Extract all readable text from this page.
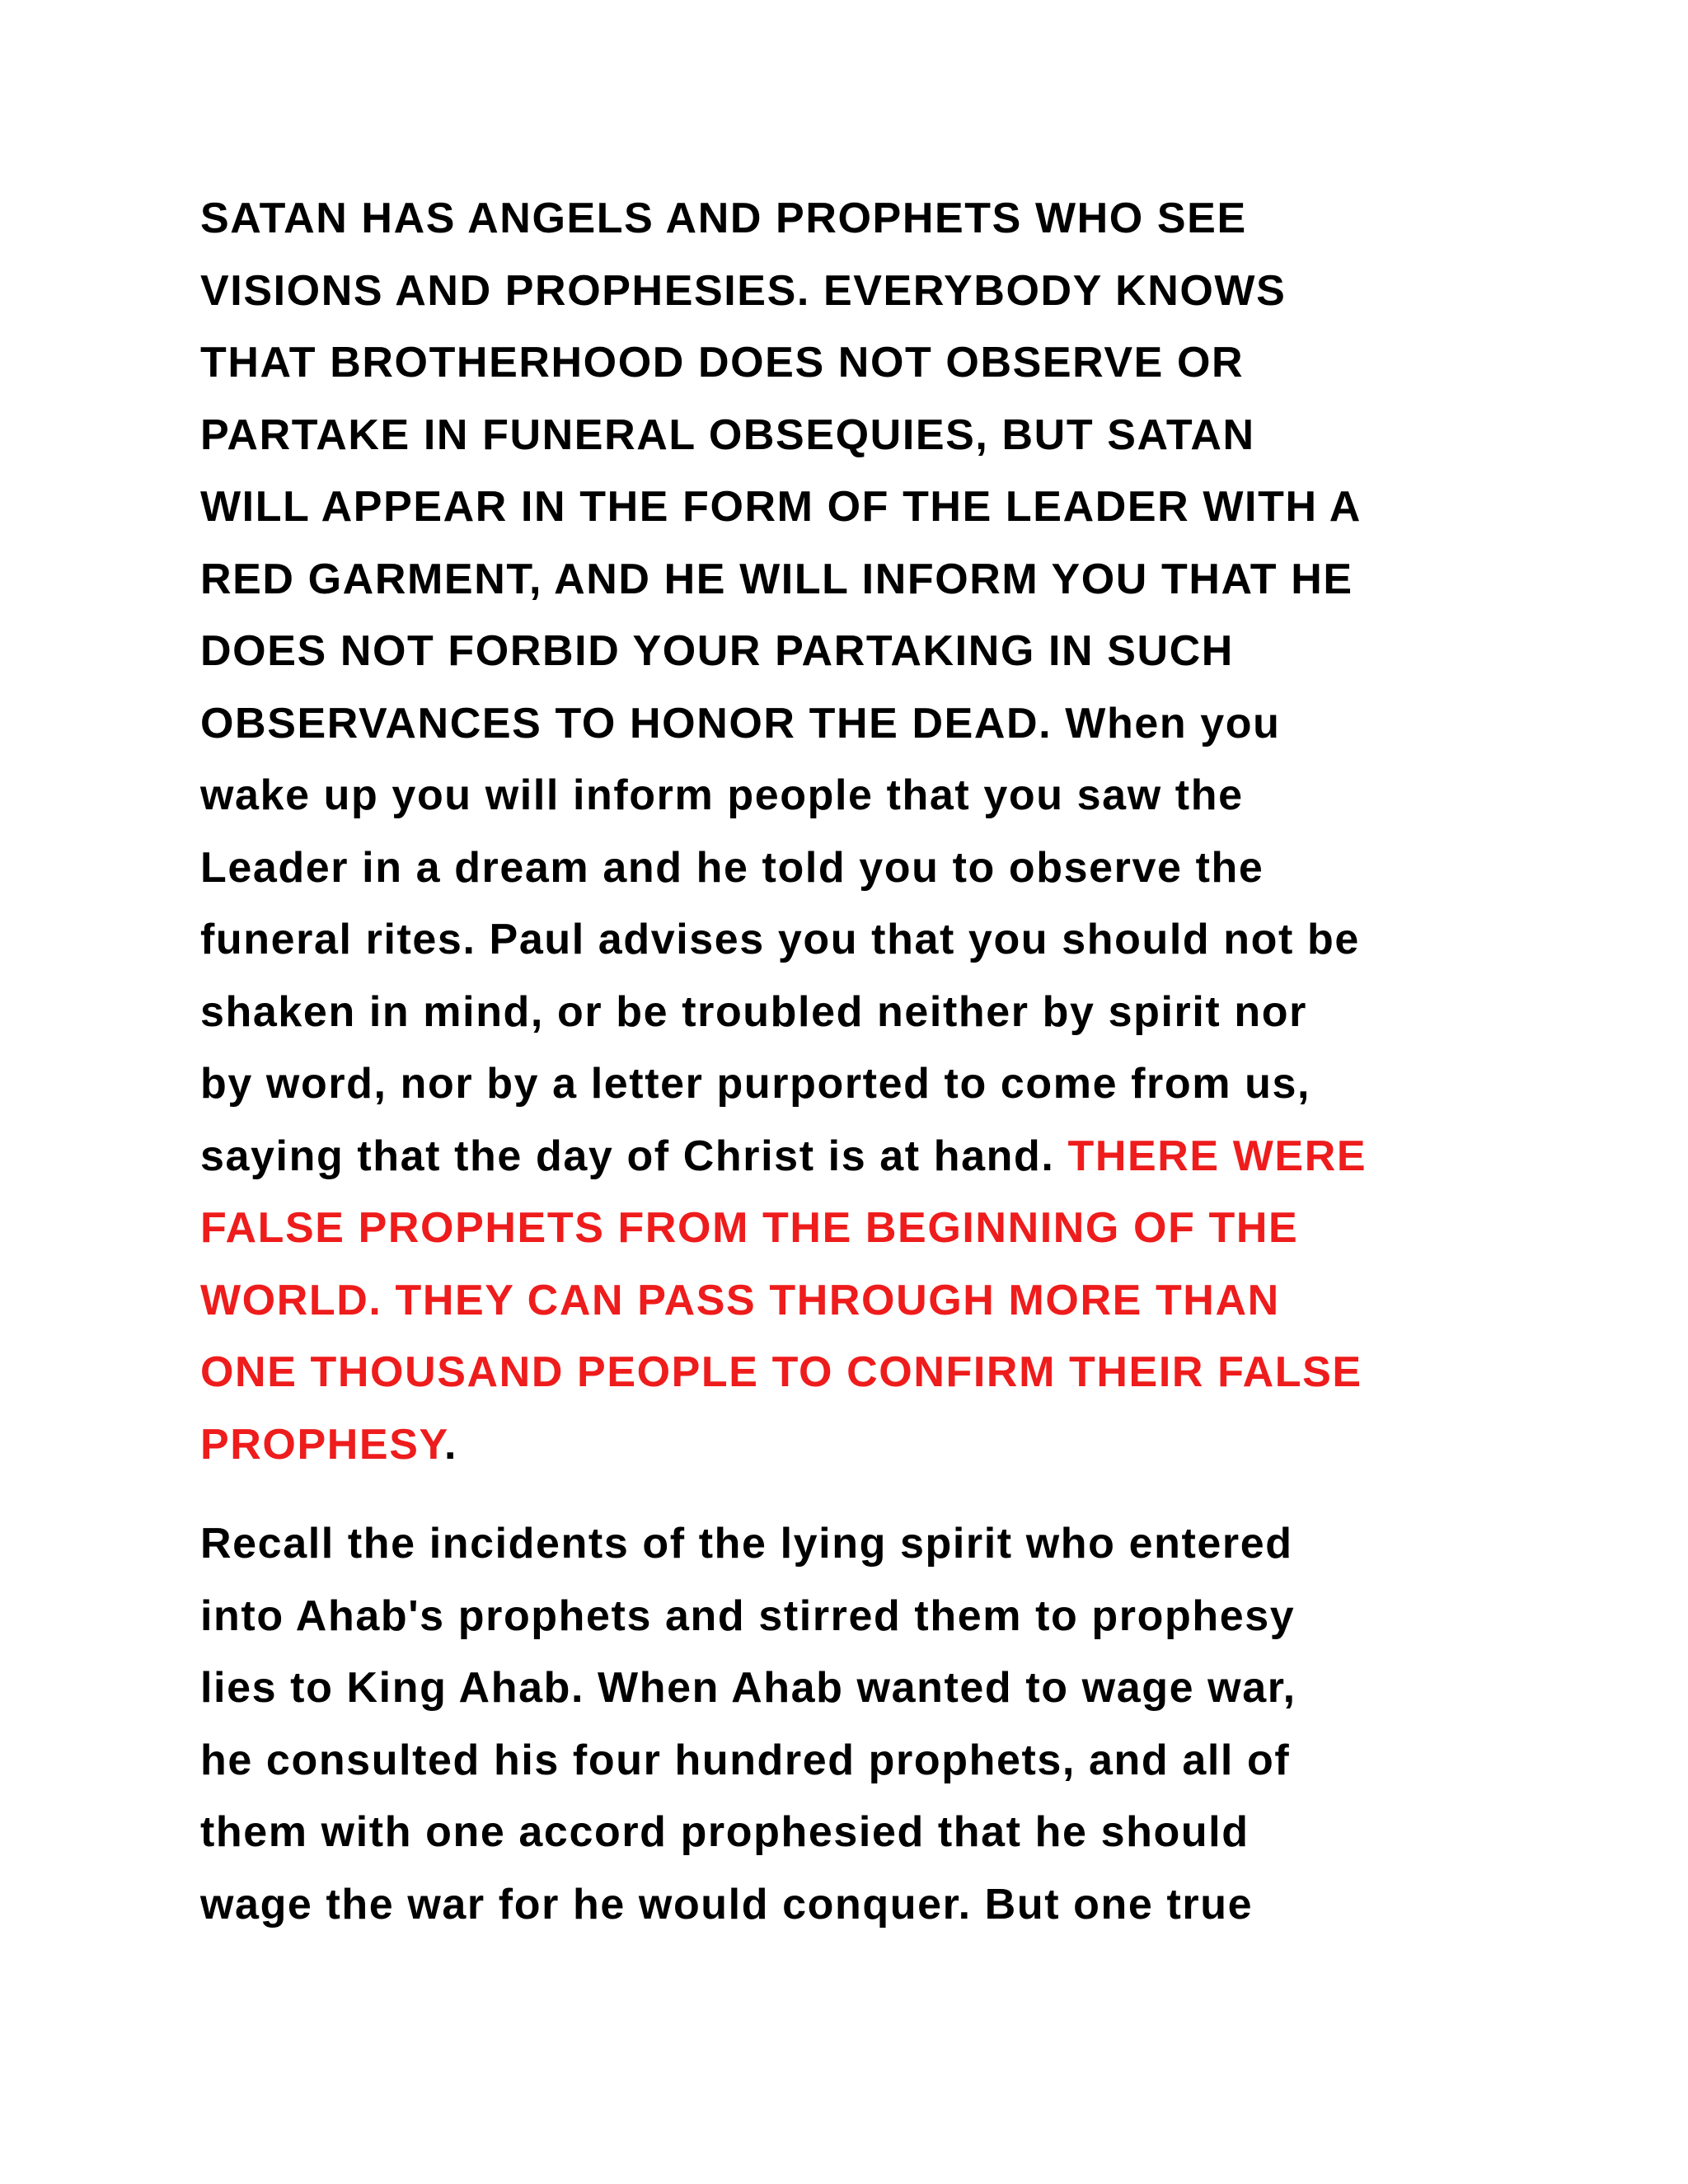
SATAN HAS ANGELS AND PROPHETS WHO SEE
VISIONS AND PROPHESIES. EVERYBODY KNOWS
THAT BROTHERHOOD DOES NOT OBSERVE OR
PARTAKE IN FUNERAL OBSEQUIES, BUT SATAN
WILL APPEAR IN THE FORM OF THE LEADER WITH A
RED GARMENT, AND HE WILL INFORM YOU THAT HE
DOES NOT FORBID YOUR PARTAKING IN SUCH
OBSERVANCES TO HONOR THE DEAD. When you
wake up you will inform people that you saw the
Leader in a dream and he told you to observe the
funeral rites. Paul advises you that you should not be
shaken in mind, or be troubled neither by spirit nor
by word, nor by a letter purported to come from us,
saying that the day of Christ is at hand. THERE WERE
FALSE PROPHETS FROM THE BEGINNING OF THE
WORLD. THEY CAN PASS THROUGH MORE THAN
ONE THOUSAND PEOPLE TO CONFIRM THEIR FALSE
PROPHESY.

Recall the incidents of the lying spirit who entered
into Ahab's prophets and stirred them to prophesy
lies to King Ahab. When Ahab wanted to wage war,
he consulted his four hundred prophets, and all of
them with one accord prophesied that he should
wage the war for he would conquer. But one true
